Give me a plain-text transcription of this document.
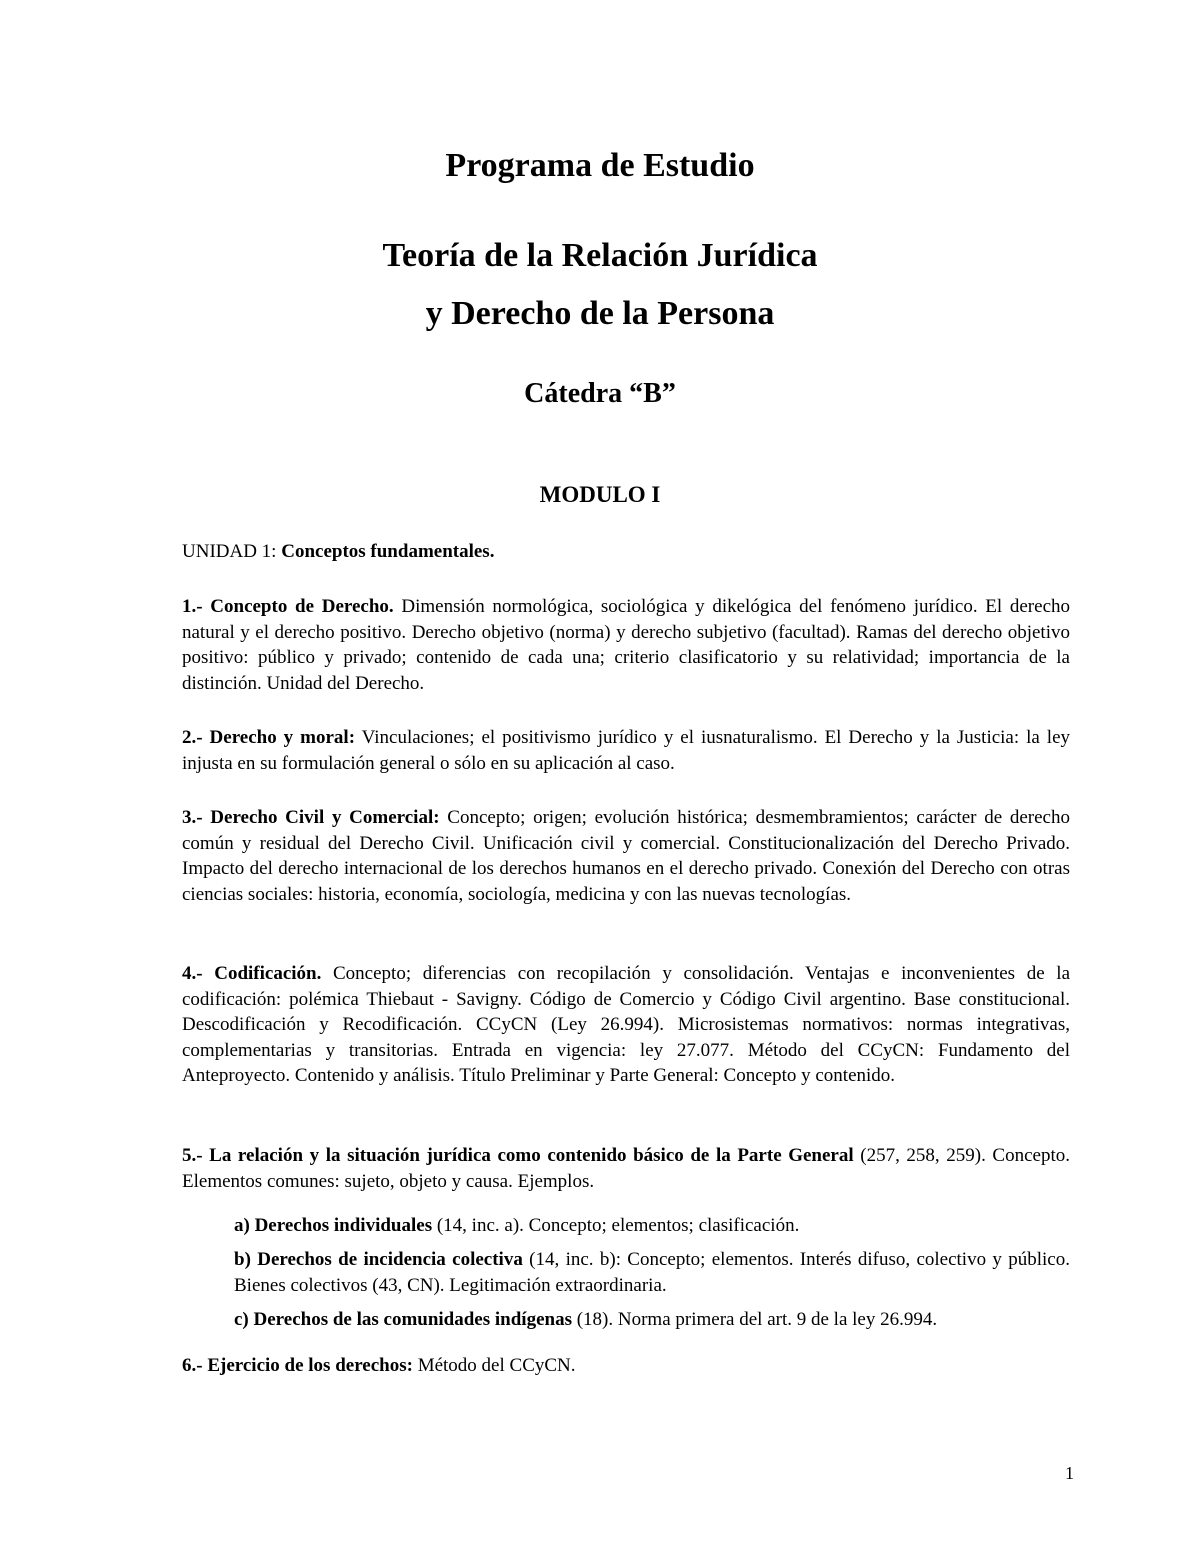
Programa de Estudio
Teoría de la Relación Jurídica
y Derecho de la Persona
Cátedra “B”
MODULO I

UNIDAD 1: Conceptos fundamentales.

1.- Concepto de Derecho. Dimensión normológica, sociológica y dikelógica del fenómeno jurídico. El derecho natural y el derecho positivo. Derecho objetivo (norma) y derecho subjetivo (facultad). Ramas del derecho objetivo positivo: público y privado; contenido de cada una; criterio clasificatorio y su relatividad; importancia de la distinción. Unidad del Derecho.

2.- Derecho y moral: Vinculaciones; el positivismo jurídico y el iusnaturalismo. El Derecho y la Justicia: la ley injusta en su formulación general o sólo en su aplicación al caso.

3.- Derecho Civil y Comercial: Concepto; origen; evolución histórica; desmembramientos; carácter de derecho común y residual del Derecho Civil. Unificación civil y comercial. Constitucionalización del Derecho Privado. Impacto del derecho internacional de los derechos humanos en el derecho privado. Conexión del Derecho con otras ciencias sociales: historia, economía, sociología, medicina y con las nuevas tecnologías.

4.- Codificación. Concepto; diferencias con recopilación y consolidación. Ventajas e inconvenientes de la codificación: polémica Thiebaut - Savigny. Código de Comercio y Código Civil argentino. Base constitucional. Descodificación y Recodificación. CCyCN (Ley 26.994). Microsistemas normativos: normas integrativas, complementarias y transitorias. Entrada en vigencia: ley 27.077. Método del CCyCN: Fundamento del Anteproyecto. Contenido y análisis. Título Preliminar y Parte General: Concepto y contenido.

5.- La relación y la situación jurídica como contenido básico de la Parte General (257, 258, 259). Concepto. Elementos comunes: sujeto, objeto y causa. Ejemplos.

a) Derechos individuales (14, inc. a). Concepto; elementos; clasificación.

b) Derechos de incidencia colectiva (14, inc. b): Concepto; elementos. Interés difuso, colectivo y público. Bienes colectivos (43, CN). Legitimación extraordinaria.

c) Derechos de las comunidades indígenas (18). Norma primera del art. 9 de la ley 26.994.

6.- Ejercicio de los derechos: Método del CCyCN.

1
